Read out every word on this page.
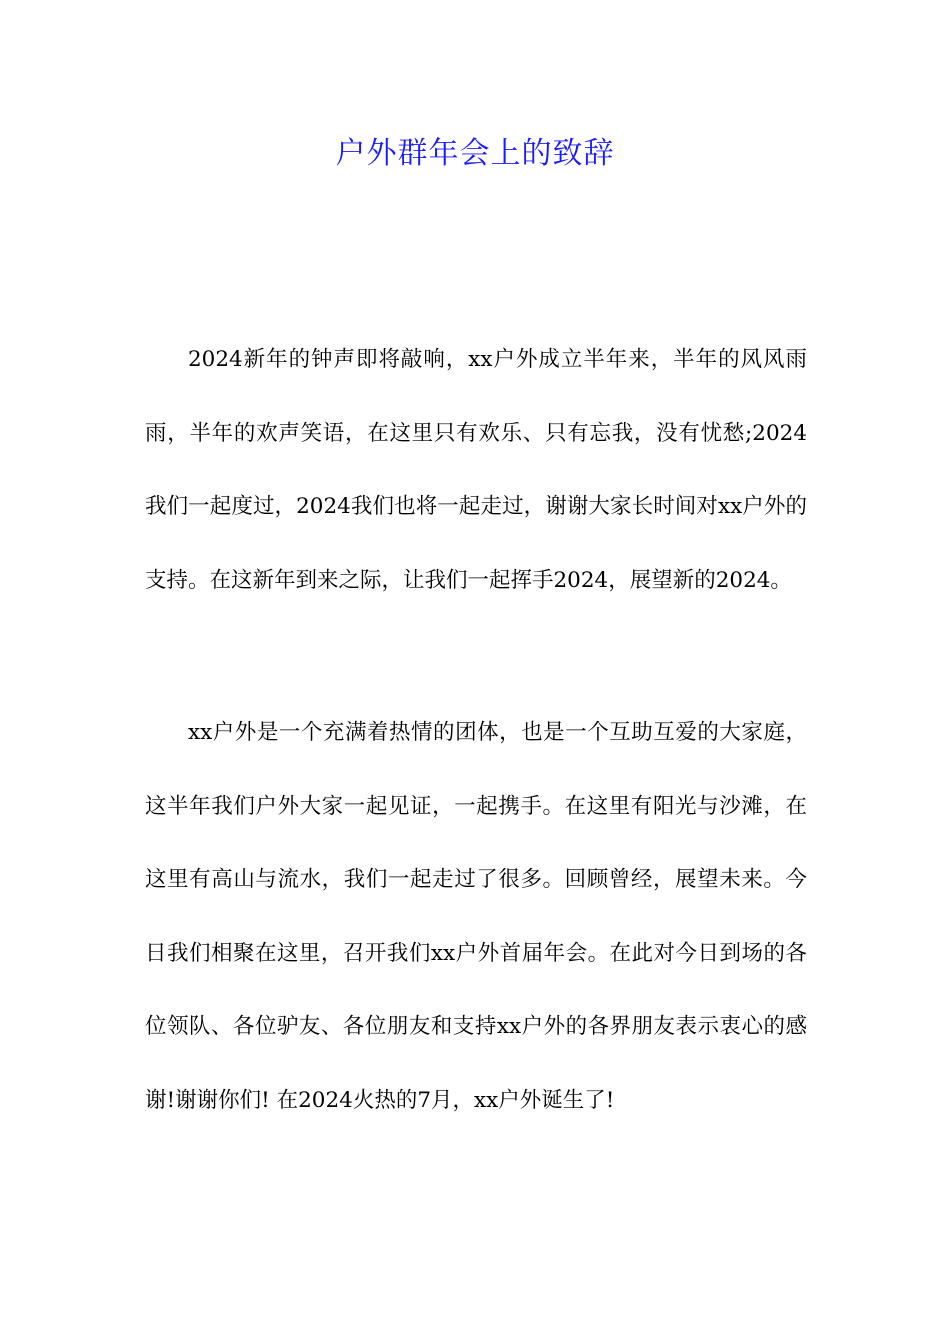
户外群年会上的致辞

2024新年的钟声即将敲响，xx户外成立半年来，半年的风风雨雨，半年的欢声笑语，在这里只有欢乐、只有忘我，没有忧愁;2024我们一起度过，2024我们也将一起走过，谢谢大家长时间对xx户外的支持。在这新年到来之际，让我们一起挥手2024，展望新的2024。

xx户外是一个充满着热情的团体，也是一个互助互爱的大家庭，这半年我们户外大家一起见证，一起携手。在这里有阳光与沙滩，在这里有高山与流水，我们一起走过了很多。回顾曾经，展望未来。今日我们相聚在这里，召开我们xx户外首届年会。在此对今日到场的各位领队、各位驴友、各位朋友和支持xx户外的各界朋友表示衷心的感谢!谢谢你们! 在2024火热的7月，xx户外诞生了!
